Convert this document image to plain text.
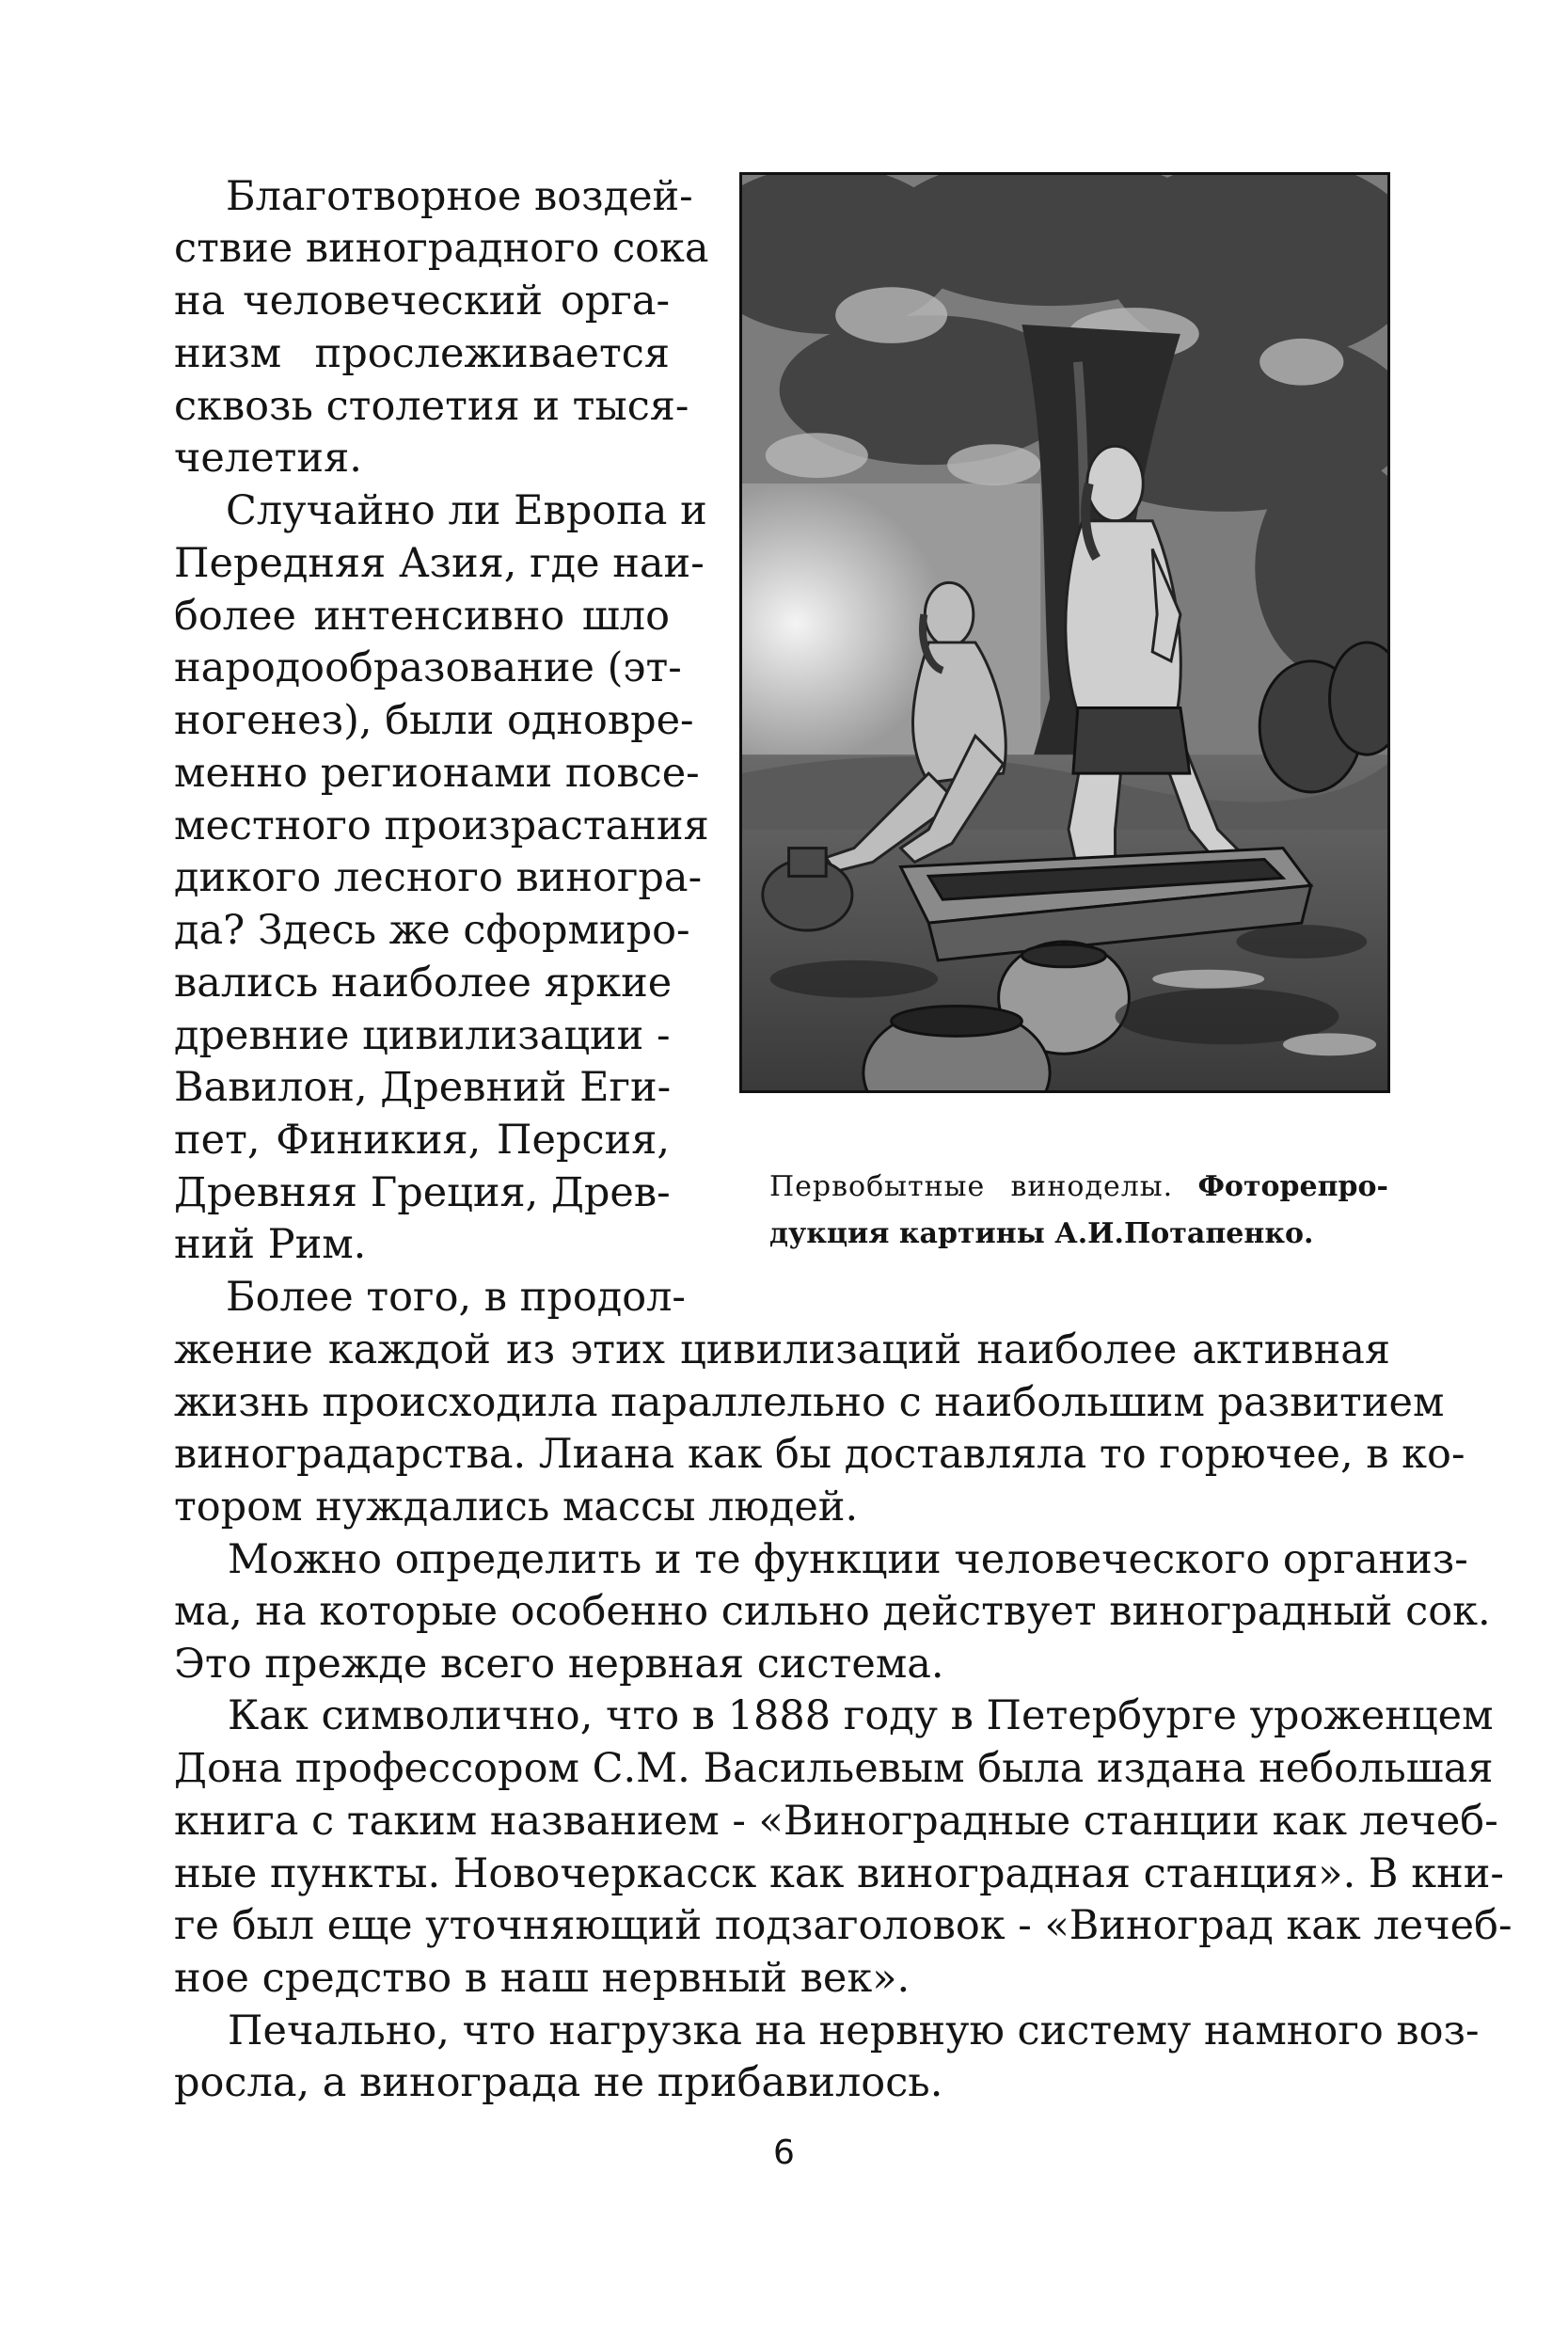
Благотворное воздей-
ствие виноградного сока
на человеческий орга-
низм прослеживается
сквозь столетия и тыся-
челетия.
Случайно ли Европа и
Передняя Азия, где наи-
более интенсивно шло
народообразование (эт-
ногенез), были одновре-
менно регионами повсе-
местного произрастания
дикого лесного виногра-
да? Здесь же сформиро-
вались наиболее яркие
древние цивилизации -
Вавилон, Древний Еги-
пет, Финикия, Персия,
Древняя Греция, Древ-
ний Рим.
Более того, в продол-
Первобытные виноделы. Фоторепро-
дукция картины А.И.Потапенко.
жение каждой из этих цивилизаций наиболее активная
жизнь происходила параллельно с наибольшим развитием
виноградарства. Лиана как бы доставляла то горючее, в ко-
тором нуждались массы людей.
Можно определить и те функции человеческого организ-
ма, на которые особенно сильно действует виноградный сок.
Это прежде всего нервная система.
Как символично, что в 1888 году в Петербурге уроженцем
Дона профессором С.М. Васильевым была издана небольшая
книга с таким названием - «Виноградные станции как лечеб-
ные пункты. Новочеркасск как виноградная станция». В кни-
ге был еще уточняющий подзаголовок - «Виноград как лечеб-
ное средство в наш нервный век».
Печально, что нагрузка на нервную систему намного воз-
росла, а винограда не прибавилось.
6
